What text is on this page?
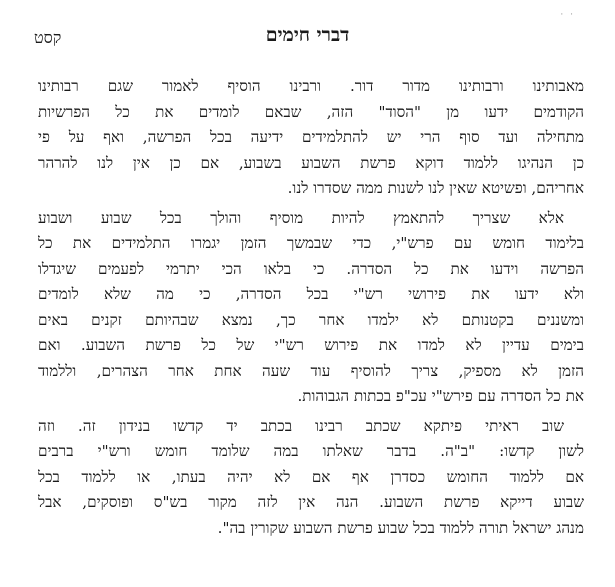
קסט	דברי חימים
· ·
מאבותינו ורבותינו מדור דור. ורבינו הוסיף לאמור שגם רבותינו
הקודמים ידעו מן "הסוד" הזה, שבאם לומדים את כל הפרשיות
מתחילה ועד סוף הרי יש להתלמידים ידיעה בכל הפרשה, ואף על פי
כן הנהיגו ללמוד דוקא פרשת השבוע בשבוע, אם כן אין לנו להרהר
אחריהם, ופשיטא שאין לנו לשנות ממה שסדרו לנו.
אלא שצריך להתאמץ להיות מוסיף והולך בכל שבוע ושבוע
בלימוד חומש עם פרש"י, כדי שבמשך הזמן יגמרו התלמידים את כל
הפרשה וידעו את כל הסדרה. כי בלאו הכי יתרמי לפעמים שיגדלו
ולא ידעו את פירושי רש"י בכל הסדרה, כי מה שלא לומדים
ומשננים בקטנותם לא ילמדו אחר כך, נמצא שבהיותם זקנים באים
בימים עדיין לא למדו את פירוש רש"י של כל פרשת השבוע. ואם
הזמן לא מספיק, צריך להוסיף עוד שעה אחת אחר הצהרים, וללמוד
את כל הסדרה עם פירש"י עכ"פ בכתות הגבוהות.
שוב ראיתי פיתקא שכתב רבינו בכתב יד קדשו בנידון זה. וזה
לשון קדשו: "ב"ה. בדבר שאלתו במה שלומד חומש ורש"י ברבים
אם ללמוד החומש כסדרן אף אם לא יהיה בעתו, או ללמוד בכל
שבוע דייקא פרשת השבוע. הנה אין לזה מקור בש"ס ופוסקים, אבל
מנהג ישראל תורה ללמוד בכל שבוע פרשת השבוע שקורין בה".
